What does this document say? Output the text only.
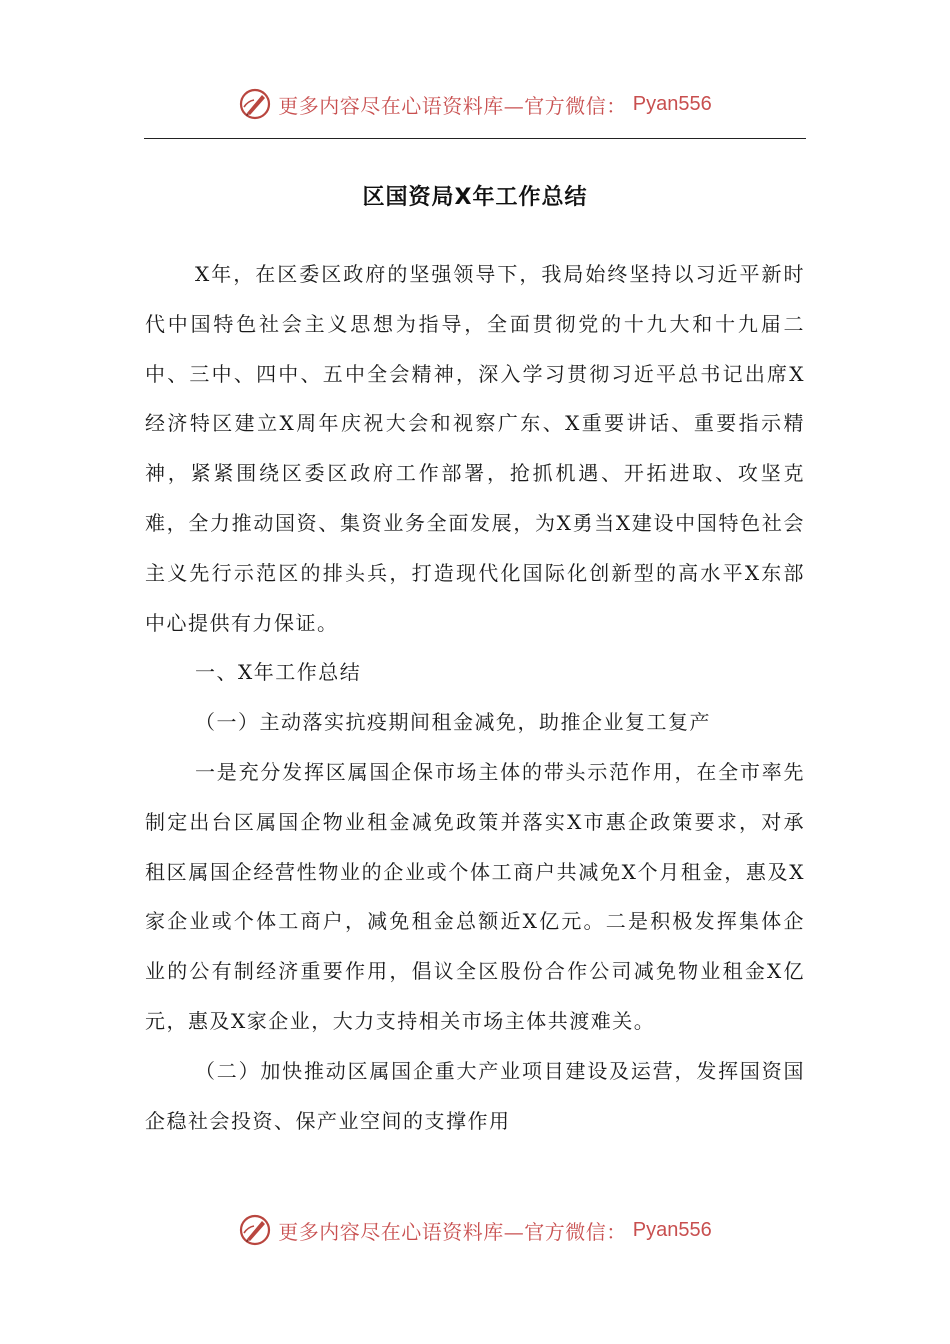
更多内容尽在心语资料库—官方微信： Pyan556
区国资局X年工作总结

X年，在区委区政府的坚强领导下，我局始终坚持以习近平新时代中国特色社会主义思想为指导，全面贯彻党的十九大和十九届二中、三中、四中、五中全会精神，深入学习贯彻习近平总书记出席X经济特区建立X周年庆祝大会和视察广东、X重要讲话、重要指示精神，紧紧围绕区委区政府工作部署，抢抓机遇、开拓进取、攻坚克难，全力推动国资、集资业务全面发展，为X勇当X建设中国特色社会主义先行示范区的排头兵，打造现代化国际化创新型的高水平X东部中心提供有力保证。

一、X年工作总结

（一）主动落实抗疫期间租金减免，助推企业复工复产

一是充分发挥区属国企保市场主体的带头示范作用，在全市率先制定出台区属国企物业租金减免政策并落实X市惠企政策要求，对承租区属国企经营性物业的企业或个体工商户共减免X个月租金，惠及X家企业或个体工商户，减免租金总额近X亿元。二是积极发挥集体企业的公有制经济重要作用，倡议全区股份合作公司减免物业租金X亿元，惠及X家企业，大力支持相关市场主体共渡难关。

（二）加快推动区属国企重大产业项目建设及运营，发挥国资国企稳社会投资、保产业空间的支撑作用

更多内容尽在心语资料库—官方微信： Pyan556
